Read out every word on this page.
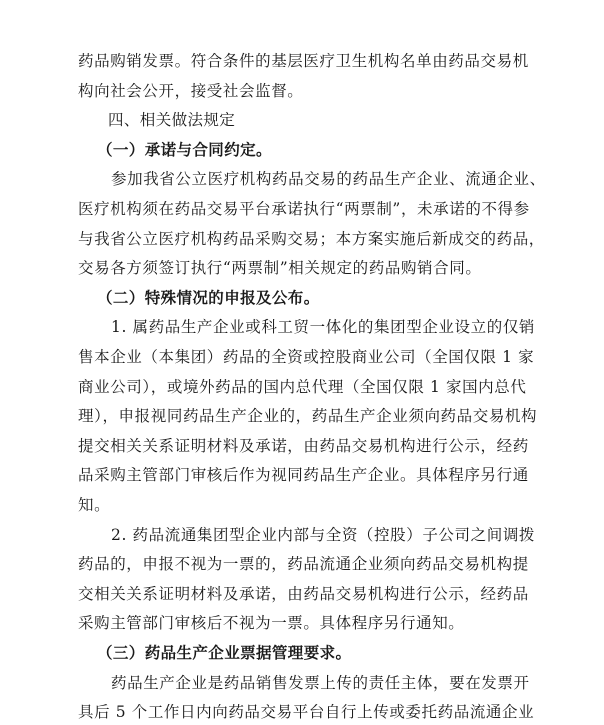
药品购销发票。符合条件的基层医疗卫生机构名单由药品交易机
构向社会公开，接受社会监督。
四、相关做法规定
（一）承诺与合同约定。
参加我省公立医疗机构药品交易的药品生产企业、流通企业、
医疗机构须在药品交易平台承诺执行“两票制”，未承诺的不得参
与我省公立医疗机构药品采购交易；本方案实施后新成交的药品，
交易各方须签订执行“两票制”相关规定的药品购销合同。
（二）特殊情况的申报及公布。
1. 属药品生产企业或科工贸一体化的集团型企业设立的仅销
售本企业（本集团）药品的全资或控股商业公司（全国仅限 1 家
商业公司），或境外药品的国内总代理（全国仅限 1 家国内总代
理），申报视同药品生产企业的，药品生产企业须向药品交易机构
提交相关关系证明材料及承诺，由药品交易机构进行公示，经药
品采购主管部门审核后作为视同药品生产企业。具体程序另行通
知。
2. 药品流通集团型企业内部与全资（控股）子公司之间调拨
药品的，申报不视为一票的，药品流通企业须向药品交易机构提
交相关关系证明材料及承诺，由药品交易机构进行公示，经药品
采购主管部门审核后不视为一票。具体程序另行通知。
（三）药品生产企业票据管理要求。
药品生产企业是药品销售发票上传的责任主体，要在发票开
具后 5 个工作日内向药品交易平台自行上传或委托药品流通企业
